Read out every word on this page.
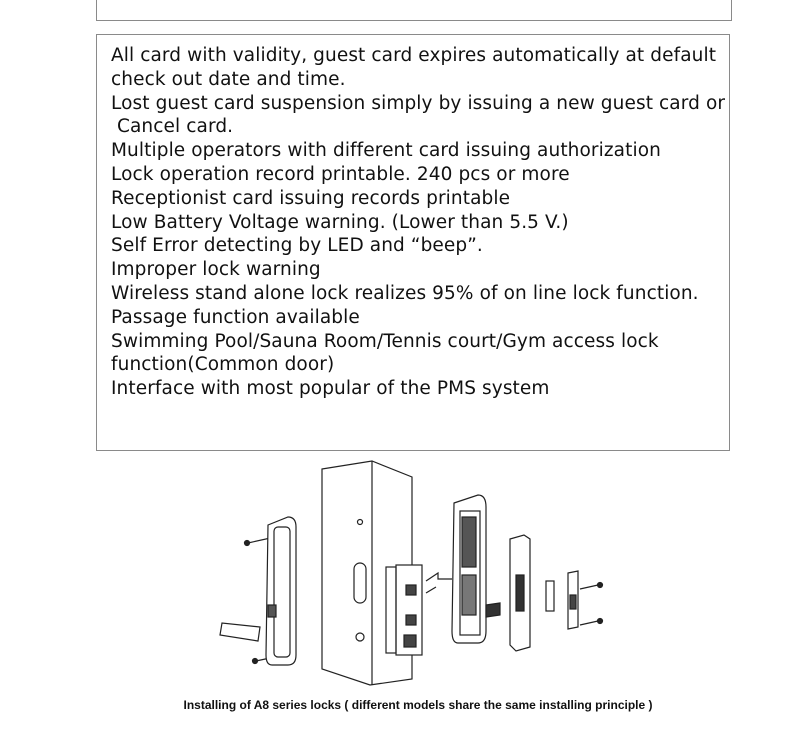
All card with validity, guest card expires automatically at default
check out date and time.
Lost guest card suspension simply by issuing a new guest card or
Cancel card.
Multiple operators with different card issuing authorization
Lock operation record printable. 240 pcs or more
Receptionist card issuing records printable
Low Battery Voltage warning. (Lower than 5.5 V.)
Self Error detecting by LED and “beep”.
Improper lock warning
Wireless stand alone lock realizes 95% of on line lock function.
Passage function available
Swimming Pool/Sauna Room/Tennis court/Gym access lock
function(Common door)
Interface with most popular of the PMS system
Installing of A8 series locks ( different models share the same installing principle )
